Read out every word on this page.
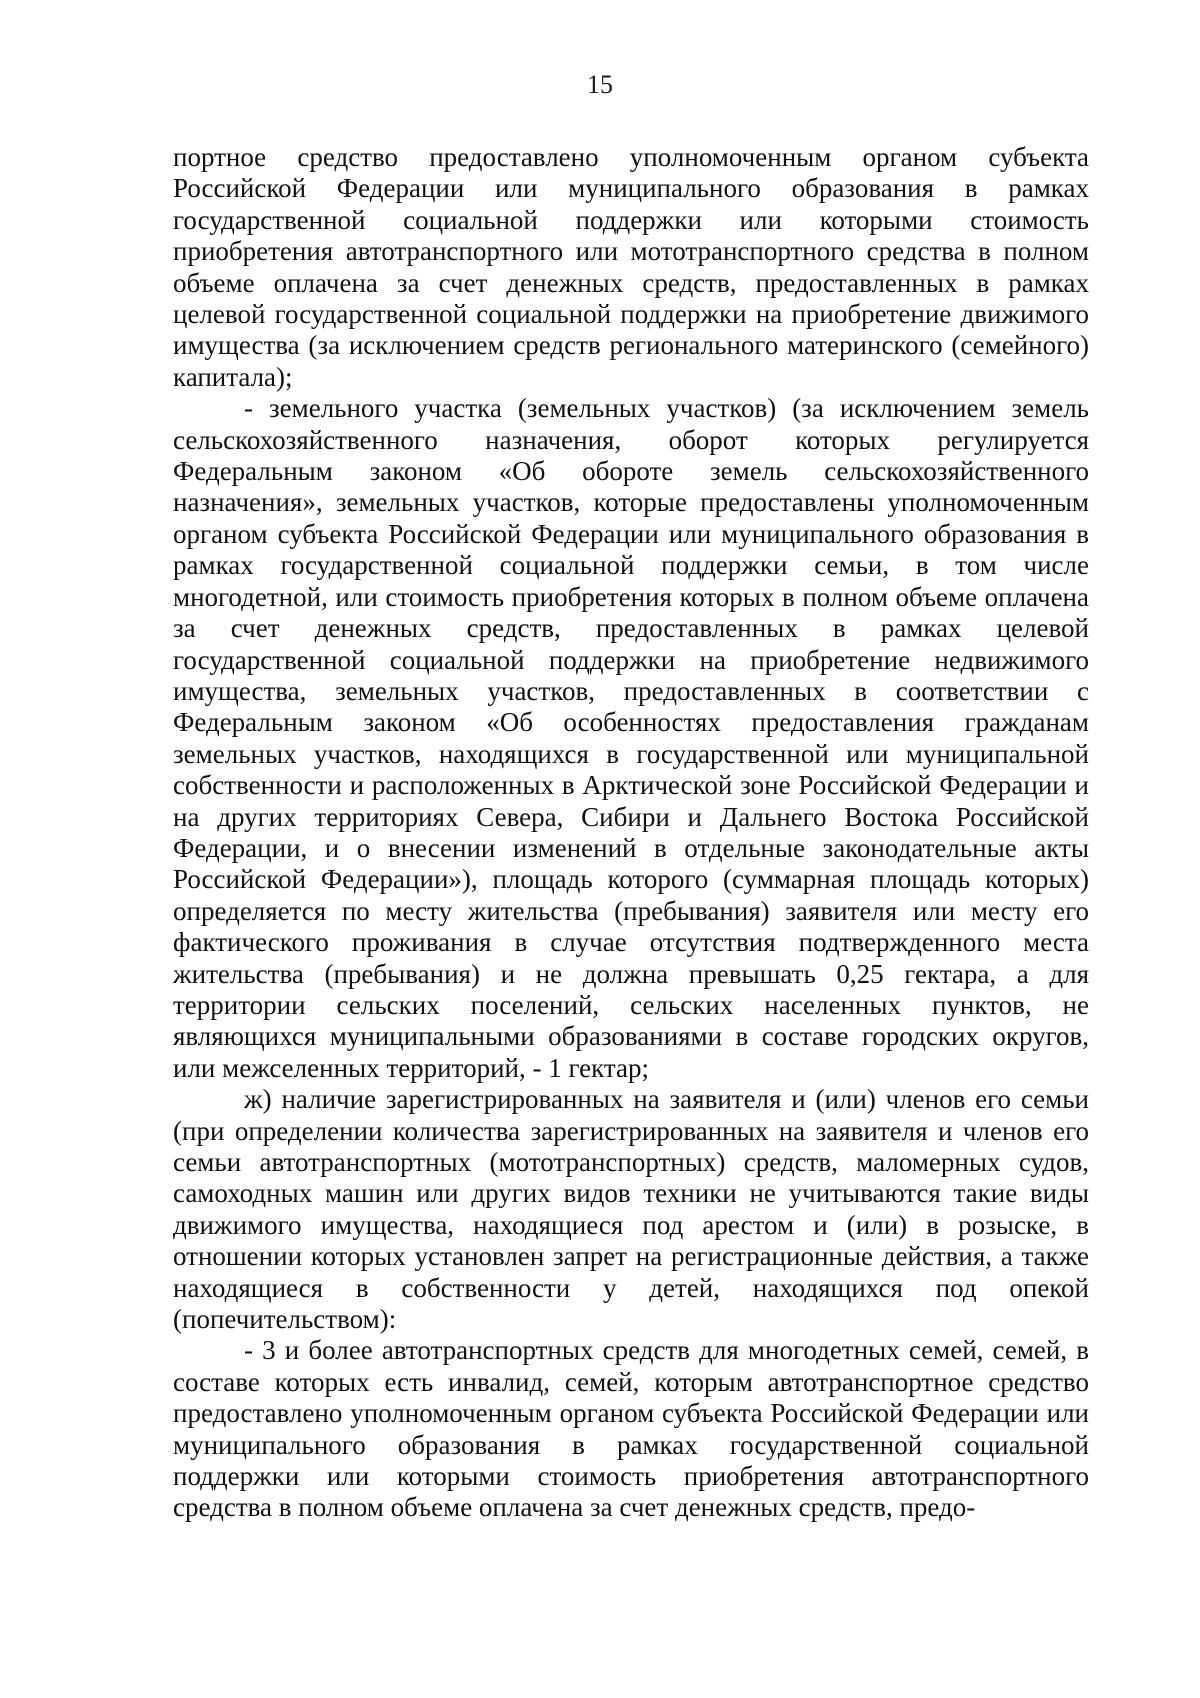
15

портное средство предоставлено уполномоченным органом субъекта Российской Федерации или муниципального образования в рамках государственной социальной поддержки или которыми стоимость приобретения автотранспортного или мототранспортного средства в полном объеме оплачена за счет денежных средств, предоставленных в рамках целевой государственной социальной поддержки на приобретение движимого имущества (за исключением средств регионального материнского (семейного) капитала);

- земельного участка (земельных участков) (за исключением земель сельскохозяйственного назначения, оборот которых регулируется Федеральным законом «Об обороте земель сельскохозяйственного назначения», земельных участков, которые предоставлены уполномоченным органом субъекта Российской Федерации или муниципального образования в рамках государственной социальной поддержки семьи, в том числе многодетной, или стоимость приобретения которых в полном объеме оплачена за счет денежных средств, предоставленных в рамках целевой государственной социальной поддержки на приобретение недвижимого имущества, земельных участков, предоставленных в соответствии с Федеральным законом «Об особенностях предоставления гражданам земельных участков, находящихся в государственной или муниципальной собственности и расположенных в Арктической зоне Российской Федерации и на других территориях Севера, Сибири и Дальнего Востока Российской Федерации, и о внесении изменений в отдельные законодательные акты Российской Федерации»), площадь которого (суммарная площадь которых) определяется по месту жительства (пребывания) заявителя или месту его фактического проживания в случае отсутствия подтвержденного места жительства (пребывания) и не должна превышать 0,25 гектара, а для территории сельских поселений, сельских населенных пунктов, не являющихся муниципальными образованиями в составе городских округов, или межселенных территорий, - 1 гектар;

ж) наличие зарегистрированных на заявителя и (или) членов его семьи (при определении количества зарегистрированных на заявителя и членов его семьи автотранспортных (мототранспортных) средств, маломерных судов, самоходных машин или других видов техники не учитываются такие виды движимого имущества, находящиеся под арестом и (или) в розыске, в отношении которых установлен запрет на регистрационные действия, а также находящиеся в собственности у детей, находящихся под опекой (попечительством):

- 3 и более автотранспортных средств для многодетных семей, семей, в составе которых есть инвалид, семей, которым автотранспортное средство предоставлено уполномоченным органом субъекта Российской Федерации или муниципального образования в рамках государственной социальной поддержки или которыми стоимость приобретения автотранспортного средства в полном объеме оплачена за счет денежных средств, предо-
